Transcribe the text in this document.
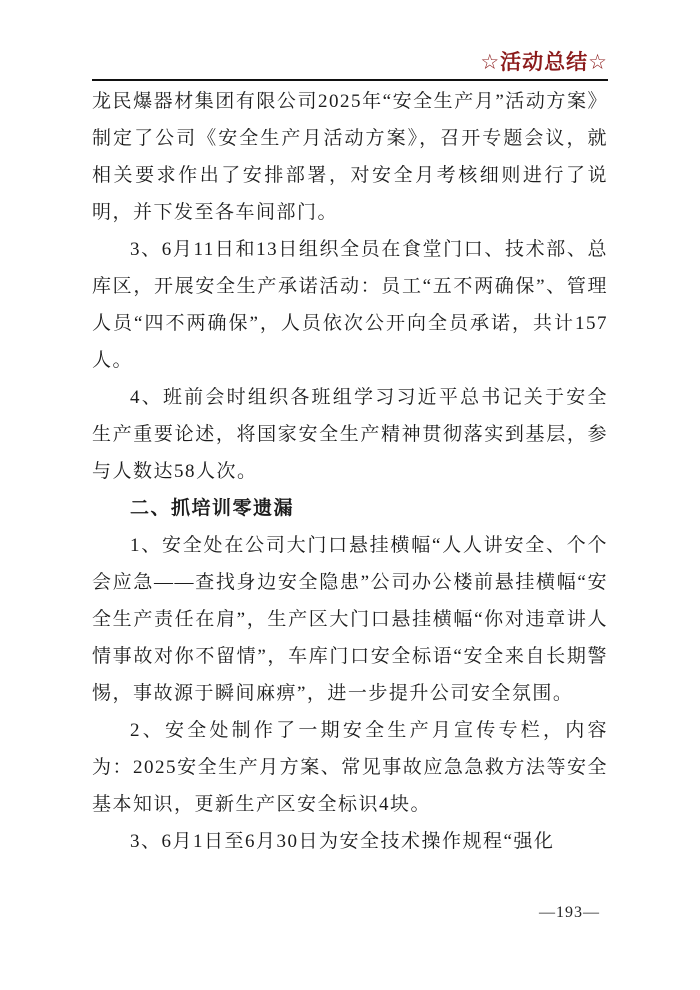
☆活动总结☆

龙民爆器材集团有限公司2025年“安全生产月”活动方案》制定了公司《安全生产月活动方案》，召开专题会议，就相关要求作出了安排部署，对安全月考核细则进行了说明，并下发至各车间部门。

3、6月11日和13日组织全员在食堂门口、技术部、总库区，开展安全生产承诺活动：员工“五不两确保”、管理人员“四不两确保”，人员依次公开向全员承诺，共计157人。

4、班前会时组织各班组学习习近平总书记关于安全生产重要论述，将国家安全生产精神贯彻落实到基层，参与人数达58人次。

二、抓培训零遗漏

1、安全处在公司大门口悬挂横幅“人人讲安全、个个会应急——查找身边安全隐患”公司办公楼前悬挂横幅“安全生产责任在肩”，生产区大门口悬挂横幅“你对违章讲人情事故对你不留情”，车库门口安全标语“安全来自长期警惕，事故源于瞬间麻痹”，进一步提升公司安全氛围。

2、安全处制作了一期安全生产月宣传专栏，内容为：2025安全生产月方案、常见事故应急急救方法等安全基本知识，更新生产区安全标识4块。

3、6月1日至6月30日为安全技术操作规程“强化

—193—
